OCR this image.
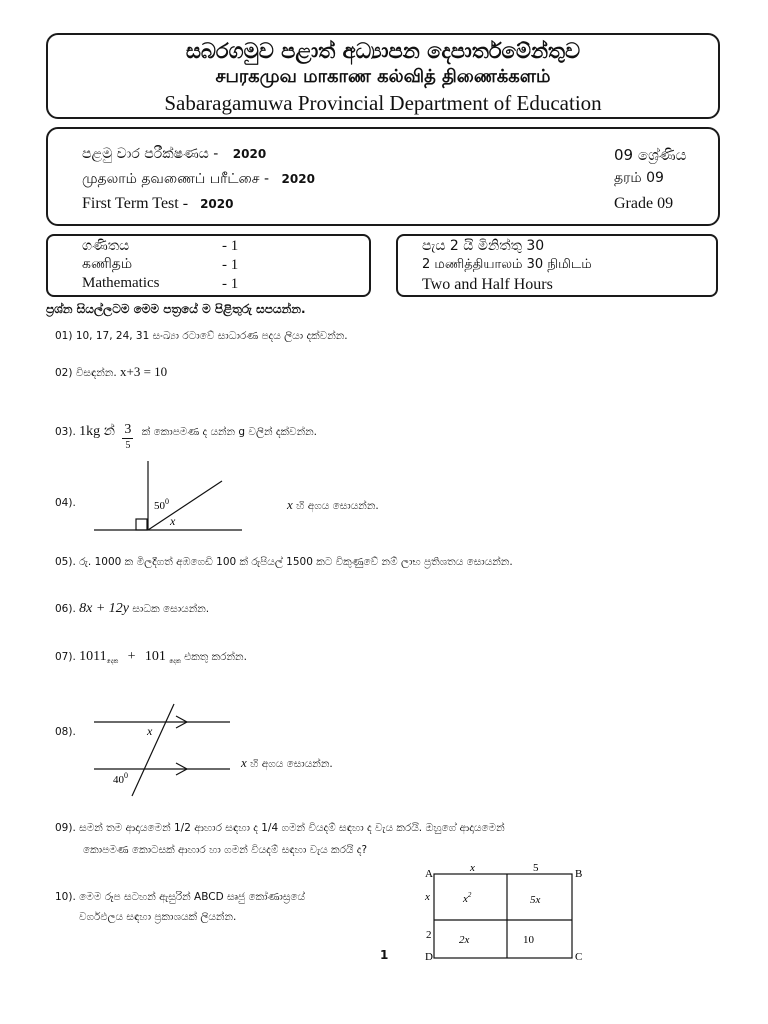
සබරගමුව පළාත් අධ්‍යාපන දෙපාර්තමේන්තුව
சபரகமுவ மாகாண கல்வித் திணைக்களம்
Sabaragamuwa Provincial Department of Education
පළමු වාර පරීක්ෂණය - 2020
முதலாம் தவணைப் பரீட்சை - 2020
First Term Test - 2020
09 ශ්‍රේණිය
தரம் 09
Grade 09
ගණිතය
கணிதம்
Mathematics
- 1
- 1
- 1
පැය 2 යි මිනිත්තු 30
2 மணித்தியாலம் 30 நிமிடம்
Two and Half Hours
ප්‍රශ්න සියල්ලටම මෙම පත්‍රයේ ම පිළිතුරු සපයන්න.
01) 10, 17, 24, 31 සංඛ්‍යා රටාවේ සාධාරණ පදය ලියා දක්වන්න.
02) විසඳන්න. x+3 = 10
03). 1kg න් 3
5
ක් කොපමණ ද යන්න g වලින් දක්වන්න.
04).	$50^0$
x
x හි අගය සොයන්න.
05). රු. 1000 ක මිලදීගත් අඹගෙඩි 100 ක් රුපියල් 1500 කට විකුණුවේ නම් ලාභ ප්‍රතිශතය සොයන්න.
06). 8x + 12y සාධක සොයන්න.
07). $1011_{දෙක} + 101$ $_{දෙක}$ එකතු කරන්න.
08).	x
$40^0$
x හි අගය සොයන්න.
09). සමන් තම ආදායමෙන් 1/2 ආහාර සඳහා ද 1/4 ගමන් වියදම් සඳහා ද වැය කරයි. ඔහුගේ ආදායමෙන්
කොපමණ කොටසක් ආහාර හා ගමන් වියදම් සඳහා වැය කරයි ද?
10). මෙම රූප සටහන් ඇසුරින් ABCD සෘජු කෝණාස්‍රයේ
වර්ගඵලය සඳහා ප්‍රකාශයක් ලියන්න.
A	B
C
D
x	5
x
2
$x^2$	5x
2x	10
1
